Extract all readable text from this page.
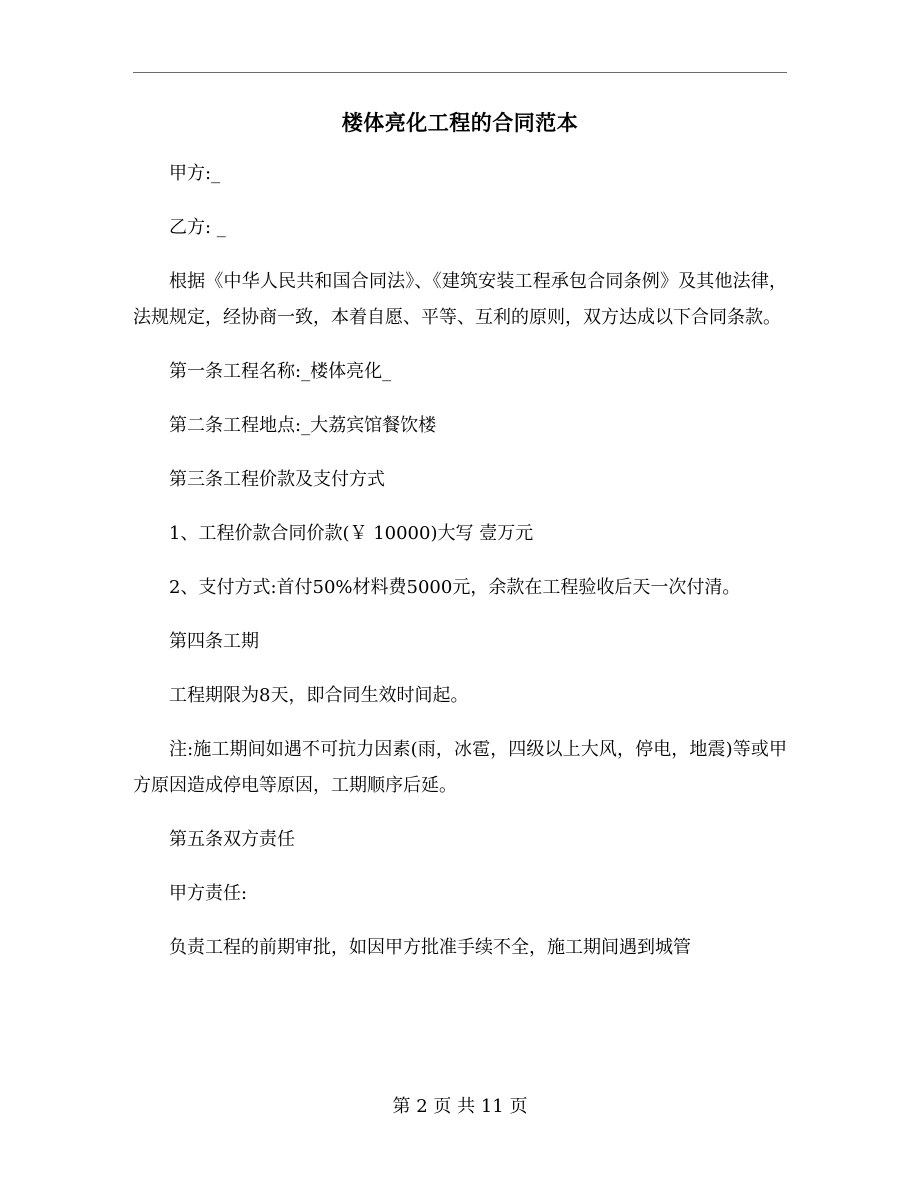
楼体亮化工程的合同范本

甲方:_

乙方: _

根据《中华人民共和国合同法》、《建筑安装工程承包合同条例》及其他法律，法规规定，经协商一致，本着自愿、平等、互利的原则，双方达成以下合同条款。

第一条工程名称:_楼体亮化_

第二条工程地点:_大荔宾馆餐饮楼

第三条工程价款及支付方式

1、工程价款合同价款(￥ 10000)大写 壹万元

2、支付方式:首付50%材料费5000元，余款在工程验收后天一次付清。

第四条工期

工程期限为8天，即合同生效时间起。

注:施工期间如遇不可抗力因素(雨，冰雹，四级以上大风，停电，地震)等或甲方原因造成停电等原因，工期顺序后延。

第五条双方责任

甲方责任:

负责工程的前期审批，如因甲方批准手续不全，施工期间遇到城管

第 2 页 共 11 页
